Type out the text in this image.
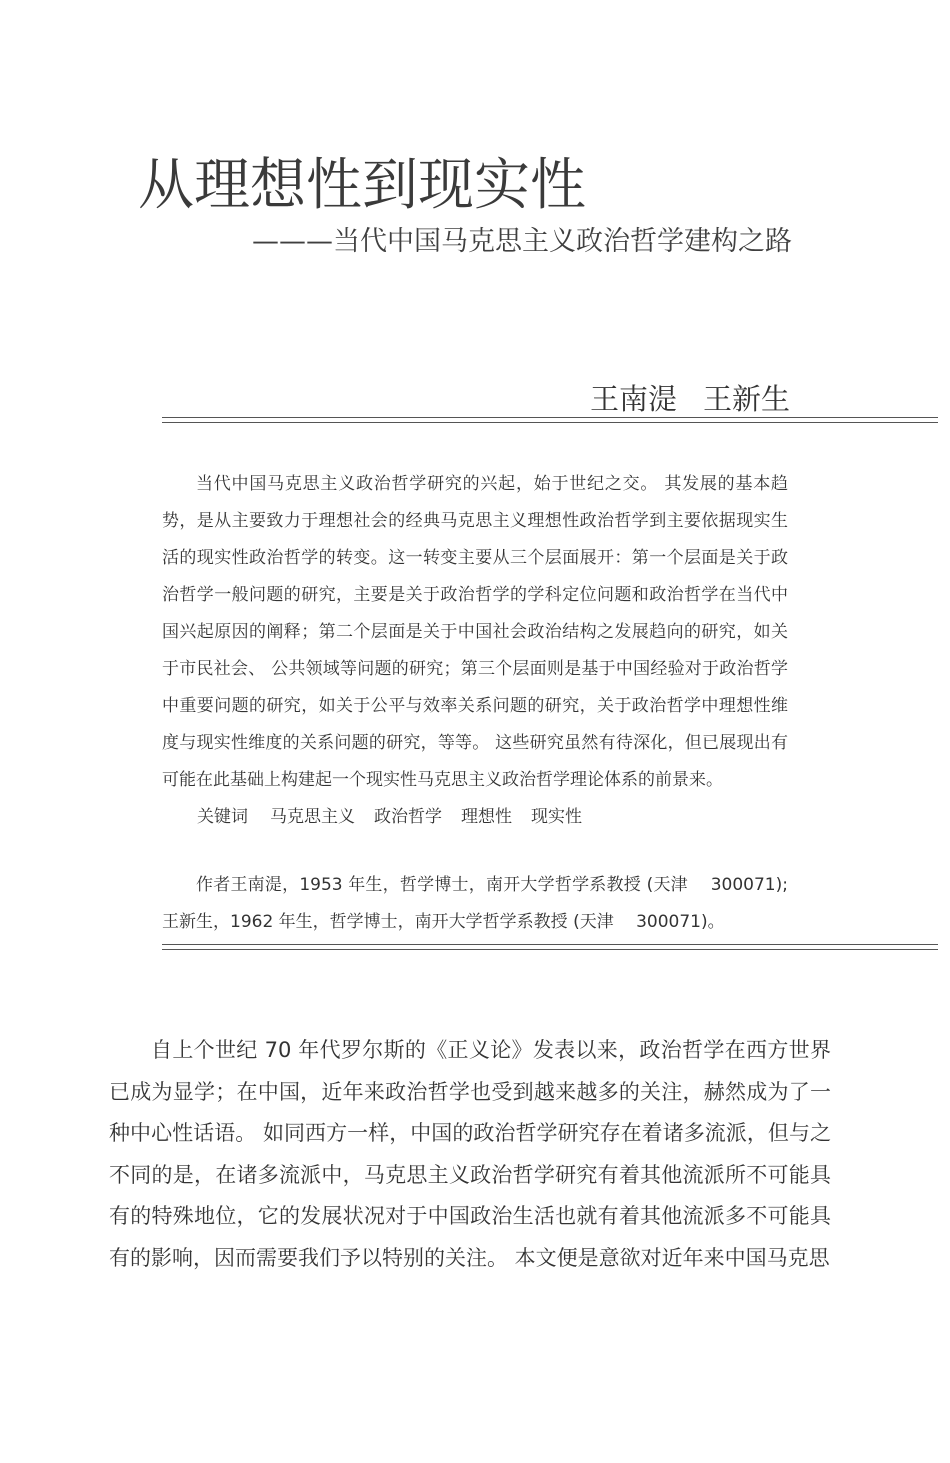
从理想性到现实性
———当代中国马克思主义政治哲学建构之路
王南湜 王新生

当代中国马克思主义政治哲学研究的兴起，始于世纪之交。 其发展的基本趋势，是从主要致力于理想社会的经典马克思主义理想性政治哲学到主要依据现实生活的现实性政治哲学的转变。这一转变主要从三个层面展开：第一个层面是关于政治哲学一般问题的研究，主要是关于政治哲学的学科定位问题和政治哲学在当代中国兴起原因的阐释；第二个层面是关于中国社会政治结构之发展趋向的研究，如关于市民社会、 公共领域等问题的研究；第三个层面则是基于中国经验对于政治哲学中重要问题的研究，如关于公平与效率关系问题的研究，关于政治哲学中理想性维度与现实性维度的关系问题的研究，等等。 这些研究虽然有待深化，但已展现出有可能在此基础上构建起一个现实性马克思主义政治哲学理论体系的前景来。

关键词 马克思主义 政治哲学 理想性 现实性

作者王南湜，1953 年生，哲学博士，南开大学哲学系教授 (天津　 300071);王新生，1962 年生，哲学博士，南开大学哲学系教授 (天津　 300071)。

自上个世纪 70 年代罗尔斯的《正义论》发表以来，政治哲学在西方世界已成为显学；在中国，近年来政治哲学也受到越来越多的关注，赫然成为了一种中心性话语。 如同西方一样，中国的政治哲学研究存在着诸多流派，但与之不同的是，在诸多流派中，马克思主义政治哲学研究有着其他流派所不可能具有的特殊地位，它的发展状况对于中国政治生活也就有着其他流派多不可能具有的影响，因而需要我们予以特别的关注。 本文便是意欲对近年来中国马克思
